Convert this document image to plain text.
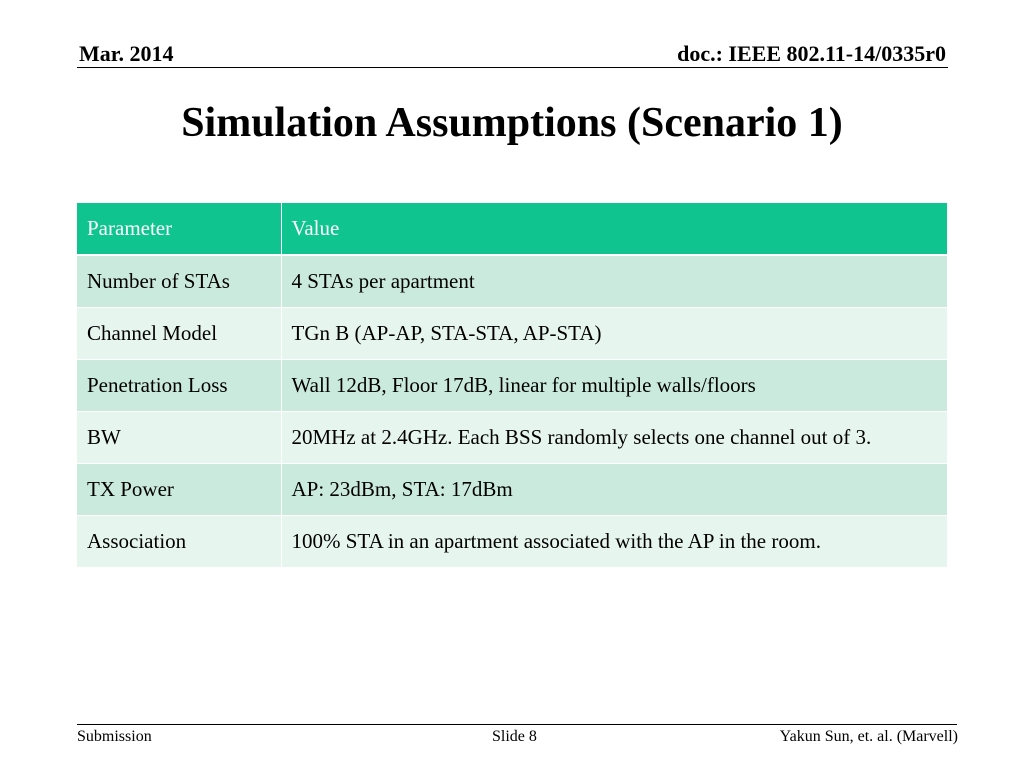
Mar. 2014	doc.: IEEE 802.11-14/0335r0
Simulation Assumptions (Scenario 1)
Parameter	Value
Number of STAs	4 STAs per apartment
Channel Model	TGn B (AP-AP, STA-STA, AP-STA)
Penetration Loss	Wall 12dB, Floor 17dB, linear for multiple walls/floors
BW	20MHz at 2.4GHz. Each BSS randomly selects one channel out of 3.
TX Power	AP: 23dBm, STA: 17dBm
Association	100% STA in an apartment associated with the AP in the room.
Submission	Slide 8	Yakun Sun, et. al. (Marvell)
